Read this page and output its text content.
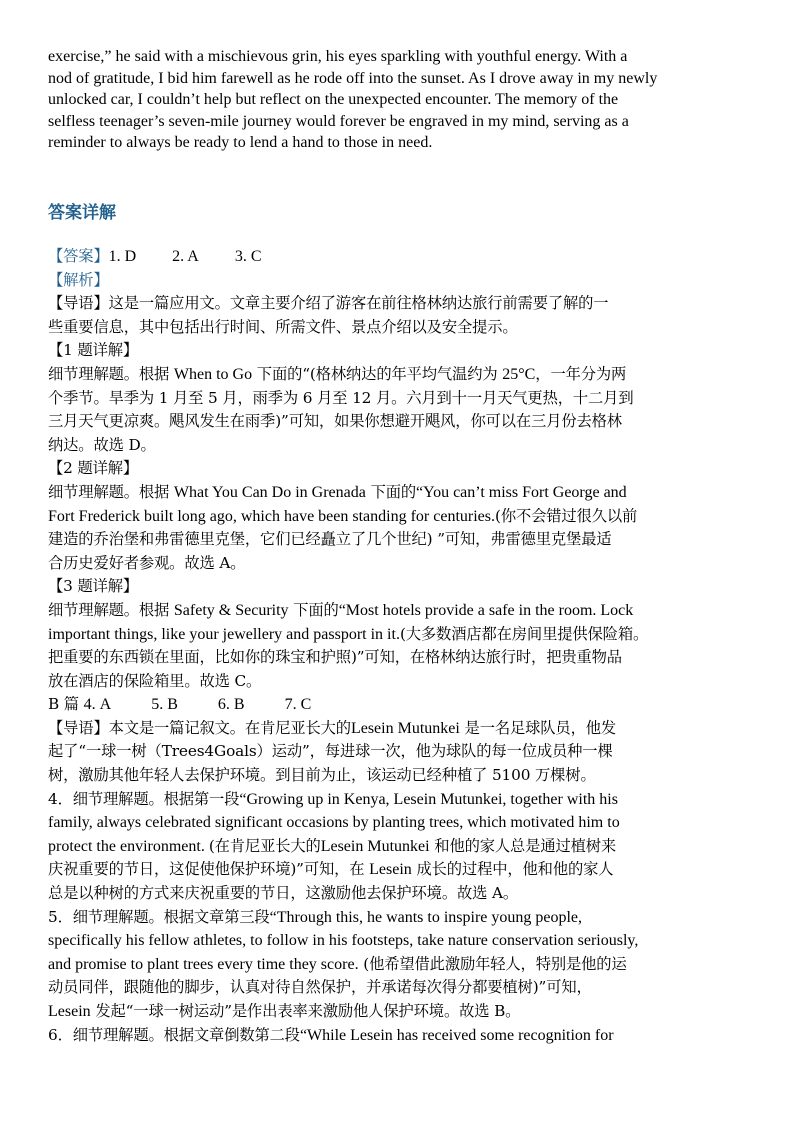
exercise,” he said with a mischievous grin, his eyes sparkling with youthful energy. With a

nod of gratitude, I bid him farewell as he rode off into the sunset. As I drove away in my newly

unlocked car, I couldn’t help but reflect on the unexpected encounter. The memory of the

selfless teenager’s seven-mile journey would forever be engraved in my mind, serving as a

reminder to always be ready to lend a hand to those in need.

答案详解

【答案】1. D 2. A 3. C

【解析】

【导语】这是一篇应用文。文章主要介绍了游客在前往格林纳达旅行前需要了解的一

些重要信息，其中包括出行时间、所需文件、景点介绍以及安全提示。

【1 题详解】

细节理解题。根据 When to Go 下面的“(格林纳达的年平均气温约为 25°C，一年分为两

个季节。旱季为 1 月至 5 月，雨季为 6 月至 12 月。六月到十一月天气更热，十二月到

三月天气更凉爽。飓风发生在雨季)”可知，如果你想避开飓风，你可以在三月份去格林

纳达。故选 D。

【2 题详解】

细节理解题。根据 What You Can Do in Grenada 下面的“You can’t miss Fort George and

Fort Frederick built long ago, which have been standing for centuries.(你不会错过很久以前

建造的乔治堡和弗雷德里克堡，它们已经矗立了几个世纪) ”可知，弗雷德里克堡最适

合历史爱好者参观。故选 A。

【3 题详解】

细节理解题。根据 Safety & Security 下面的“Most hotels provide a safe in the room. Lock

important things, like your jewellery and passport in it.(大多数酒店都在房间里提供保险箱。

把重要的东西锁在里面，比如你的珠宝和护照)”可知，在格林纳达旅行时，把贵重物品

放在酒店的保险箱里。故选 C。

B 篇 4. A	5. B	6. B	7. C

【导语】本文是一篇记叙文。在肯尼亚长大的Lesein Mutunkei 是一名足球队员，他发

起了“一球一树（Trees4Goals）运动”，每进球一次，他为球队的每一位成员种一棵

树，激励其他年轻人去保护环境。到目前为止，该运动已经种植了 5100 万棵树。

4．细节理解题。根据第一段“Growing up in Kenya, Lesein Mutunkei, together with his

family, always celebrated significant occasions by planting trees, which motivated him to

protect the environment. (在肯尼亚长大的Lesein Mutunkei 和他的家人总是通过植树来

庆祝重要的节日，这促使他保护环境)”可知，在 Lesein 成长的过程中，他和他的家人

总是以种树的方式来庆祝重要的节日，这激励他去保护环境。故选 A。

5．细节理解题。根据文章第三段“Through this, he wants to inspire young people,

specifically his fellow athletes, to follow in his footsteps, take nature conservation seriously,

and promise to plant trees every time they score. (他希望借此激励年轻人，特别是他的运

动员同伴，跟随他的脚步，认真对待自然保护，并承诺每次得分都要植树)”可知，

Lesein 发起“一球一树运动”是作出表率来激励他人保护环境。故选 B。

6．细节理解题。根据文章倒数第二段“While Lesein has received some recognition for
